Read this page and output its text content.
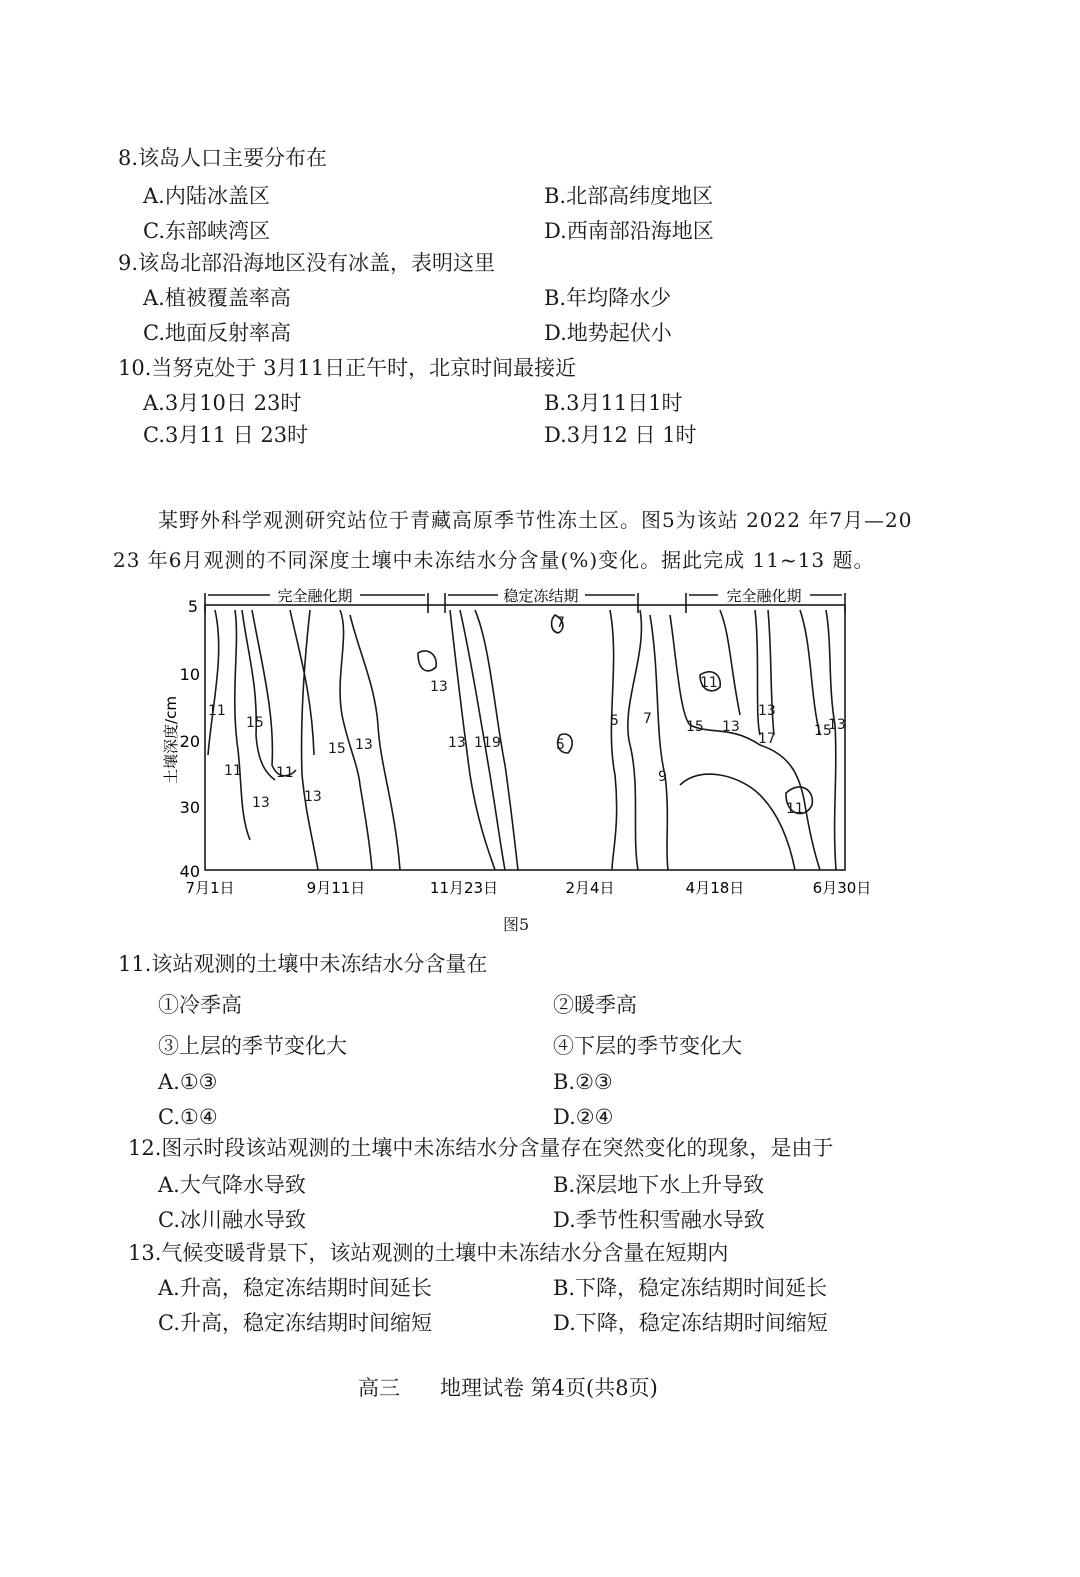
8.该岛人口主要分布在
A.内陆冰盖区	B.北部高纬度地区
C.东部峡湾区	D.西南部沿海地区
9.该岛北部沿海地区没有冰盖，表明这里
A.植被覆盖率高	B.年均降水少
C.地面反射率高	D.地势起伏小
10.当努克处于 3月11日正午时，北京时间最接近
A.3月10日 23时	B.3月11日1时
C.3月11 日 23时	D.3月12 日 1时
某野外科学观测研究站位于青藏高原季节性冻土区。图5为该站 2022 年7月—20
23 年6月观测的不同深度土壤中未冻结水分含量(%)变化。据此完成 11~13 题。
完全融化期	稳定冻结期	完全融化期
5
10
20
30
40
土壤深度/cm
7月1日	9月11日	11月23日	2月4日	4月18日	6月30日
13
11
15
11 11
13 13
15 13	13 11 9
7
5
5 7
9
11
15 13
13
17	15
13
11
图5
11.该站观测的土壤中未冻结水分含量在
①冷季高	②暖季高
③上层的季节变化大	④下层的季节变化大
A.①③	B.②③
C.①④	D.②④
12.图示时段该站观测的土壤中未冻结水分含量存在突然变化的现象，是由于
A.大气降水导致	B.深层地下水上升导致
C.冰川融水导致	D.季节性积雪融水导致
13.气候变暖背景下，该站观测的土壤中未冻结水分含量在短期内
A.升高，稳定冻结期时间延长	B.下降，稳定冻结期时间延长
C.升高，稳定冻结期时间缩短	D.下降，稳定冻结期时间缩短
高三 地理试卷 第4页(共8页)
